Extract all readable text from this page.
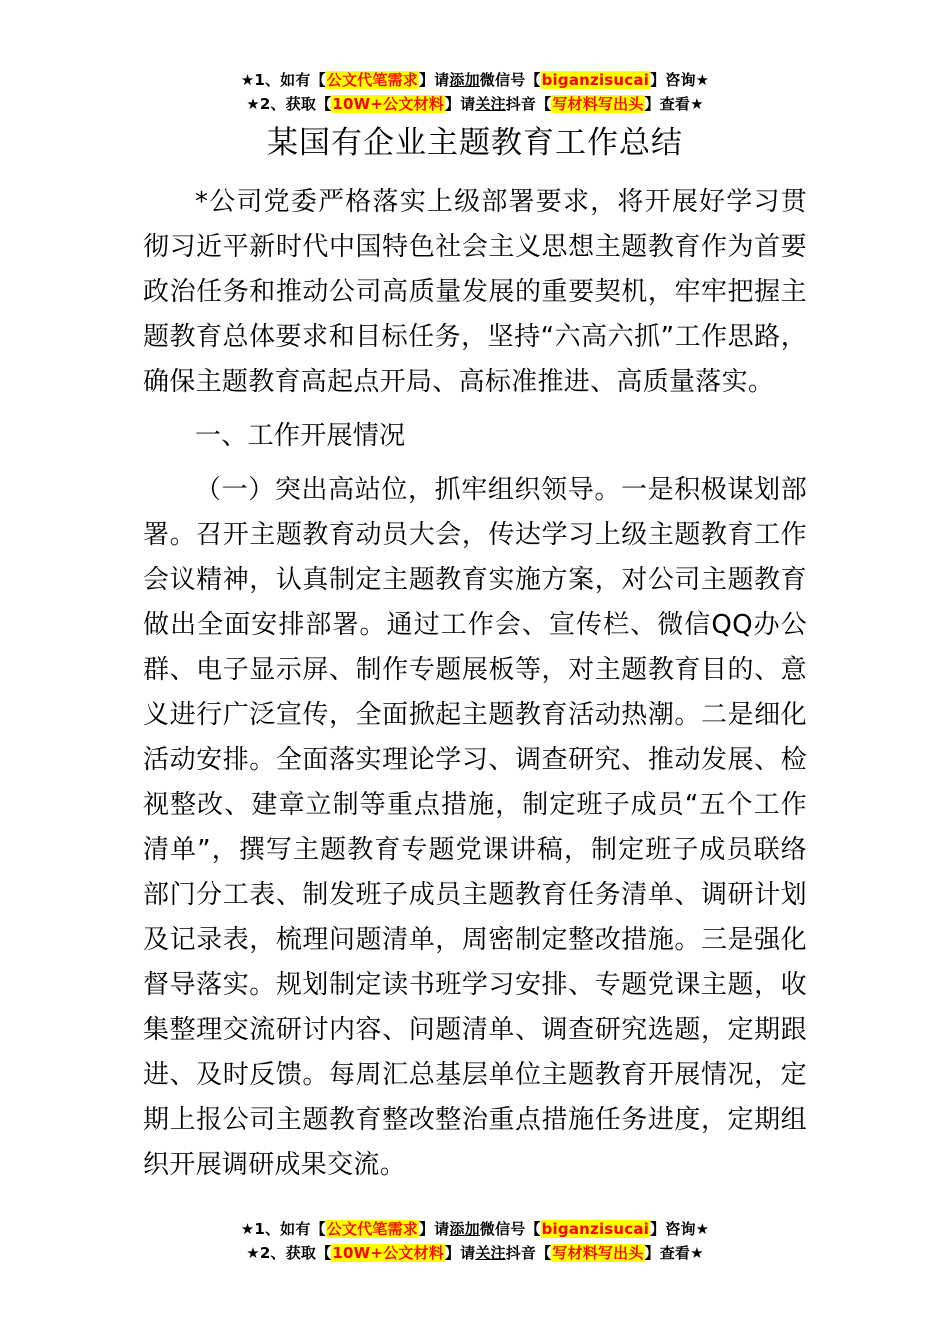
★1、如有【公文代笔需求】请添加微信号【biganzisucai】咨询★
★2、获取【10W+公文材料】请关注抖音【写材料写出头】查看★
某国有企业主题教育工作总结

*公司党委严格落实上级部署要求，将开展好学习贯彻习近平新时代中国特色社会主义思想主题教育作为首要政治任务和推动公司高质量发展的重要契机，牢牢把握主题教育总体要求和目标任务，坚持“六高六抓”工作思路，确保主题教育高起点开局、高标准推进、高质量落实。

一、工作开展情况

（一）突出高站位，抓牢组织领导。一是积极谋划部署。召开主题教育动员大会，传达学习上级主题教育工作会议精神，认真制定主题教育实施方案，对公司主题教育做出全面安排部署。通过工作会、宣传栏、微信QQ办公群、电子显示屏、制作专题展板等，对主题教育目的、意义进行广泛宣传，全面掀起主题教育活动热潮。二是细化活动安排。全面落实理论学习、调查研究、推动发展、检视整改、建章立制等重点措施，制定班子成员“五个工作清单”，撰写主题教育专题党课讲稿，制定班子成员联络部门分工表、制发班子成员主题教育任务清单、调研计划及记录表，梳理问题清单，周密制定整改措施。三是强化督导落实。规划制定读书班学习安排、专题党课主题，收集整理交流研讨内容、问题清单、调查研究选题，定期跟进、及时反馈。每周汇总基层单位主题教育开展情况，定期上报公司主题教育整改整治重点措施任务进度，定期组织开展调研成果交流。

★1、如有【公文代笔需求】请添加微信号【biganzisucai】咨询★
★2、获取【10W+公文材料】请关注抖音【写材料写出头】查看★
